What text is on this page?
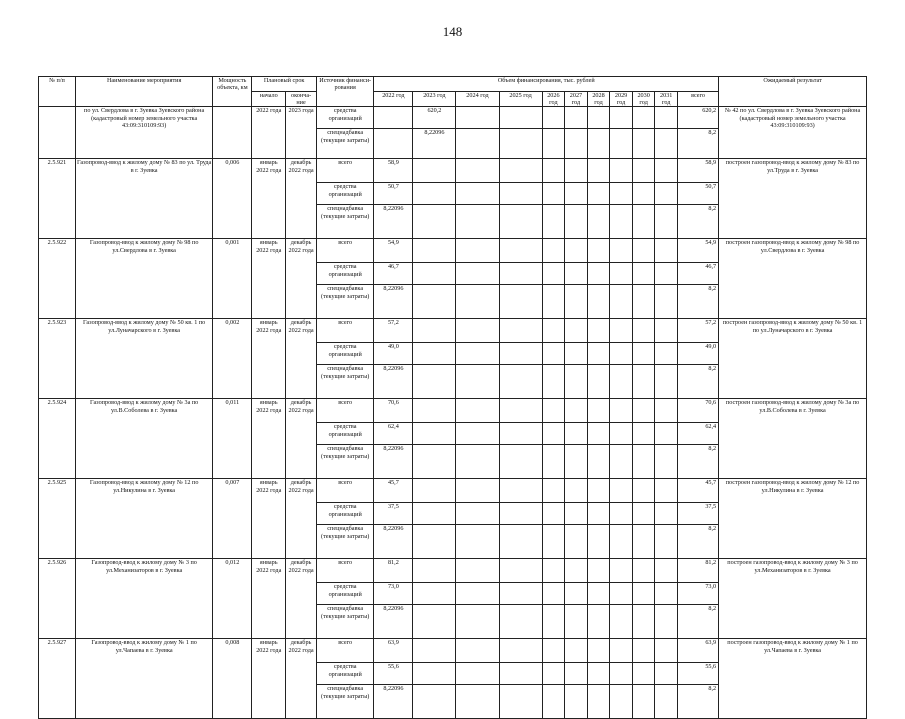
148
№ п/п	Наименование мероприятия	Мощность объекта, км	Плановый срок		Источник финанси-рования	Объем финансирования, тыс. рублей											Ожидаемый результат
			начало	оконча-ние		2022 год	2023 год	2024 год	2025 год	2026 год	2027 год	2028 год	2029 год	2030 год	2031 год	всего	
	по ул. Свердлова в г. Зуевка Зуевского района (кадастровый номер земельного участка 43:09:310109:93)		2022 года	2023 года	средства организаций		620,2									620,2	№ 42 по ул. Свердлова в г. Зуевка Зуевского района (кадастровый номер земельного участка 43:09:310109:93)
					спецнадбавка (текущие затраты)		8,22096									8,2	
2.5.921	Газопровод-ввод к жилому дому № 83 по ул. Труда в г. Зуевка	0,006	январь 2022 года	декабрь 2022 года	всего	58,9										58,9	построен газопровод-ввод к жилому дому № 83 по ул.Труда в г. Зуевка
					средства организаций	50,7										50,7	
					спецнадбавка (текущие затраты)	8,22096										8,2	
2.5.922	Газопровод-ввод к жилому дому № 98 по ул.Свердлова в г. Зуевка	0,001	январь 2022 года	декабрь 2022 года	всего	54,9										54,9	построен газопровод-ввод к жилому дому № 98 по ул.Свердлова в г. Зуевка
					средства организаций	46,7										46,7	
					спецнадбавка (текущие затраты)	8,22096										8,2	
2.5.923	Газопровод-ввод к жилому дому № 50 кв. 1 по ул.Луначарского в г. Зуевка	0,002	январь 2022 года	декабрь 2022 года	всего	57,2										57,2	построен газопровод-ввод к жилому дому № 50 кв. 1 по ул.Луначарского в г. Зуевка
					средства организаций	49,0										49,0	
					спецнадбавка (текущие затраты)	8,22096										8,2	
2.5.924	Газопровод-ввод к жилому дому № 3а по ул.В.Соболева в г. Зуевка	0,011	январь 2022 года	декабрь 2022 года	всего	70,6										70,6	построен газопровод-ввод к жилому дому № 3а по ул.В.Соболева в г. Зуевка
					средства организаций	62,4										62,4	
					спецнадбавка (текущие затраты)	8,22096										8,2	
2.5.925	Газопровод-ввод к жилому дому № 12 по ул.Никулина в г. Зуевка	0,007	январь 2022 года	декабрь 2022 года	всего	45,7										45,7	построен газопровод-ввод к жилому дому № 12 по ул.Никулина в г. Зуевка
					средства организаций	37,5										37,5	
					спецнадбавка (текущие затраты)	8,22096										8,2	
2.5.926	Газопровод-ввод к жилому дому № 3 по ул.Механизаторов в г. Зуевка	0,012	январь 2022 года	декабрь 2022 года	всего	81,2										81,2	построен газопровод-ввод к жилому дому № 3 по ул.Механизаторов в г. Зуевка
					средства организаций	73,0										73,0	
					спецнадбавка (текущие затраты)	8,22096										8,2	
2.5.927	Газопровод-ввод к жилому дому № 1 по ул.Чапаева в г. Зуевка	0,008	январь 2022 года	декабрь 2022 года	всего	63,9										63,9	построен газопровод-ввод к жилому дому № 1 по ул.Чапаева в г. Зуевка
					средства организаций	55,6										55,6	
					спецнадбавка (текущие затраты)	8,22096										8,2	
